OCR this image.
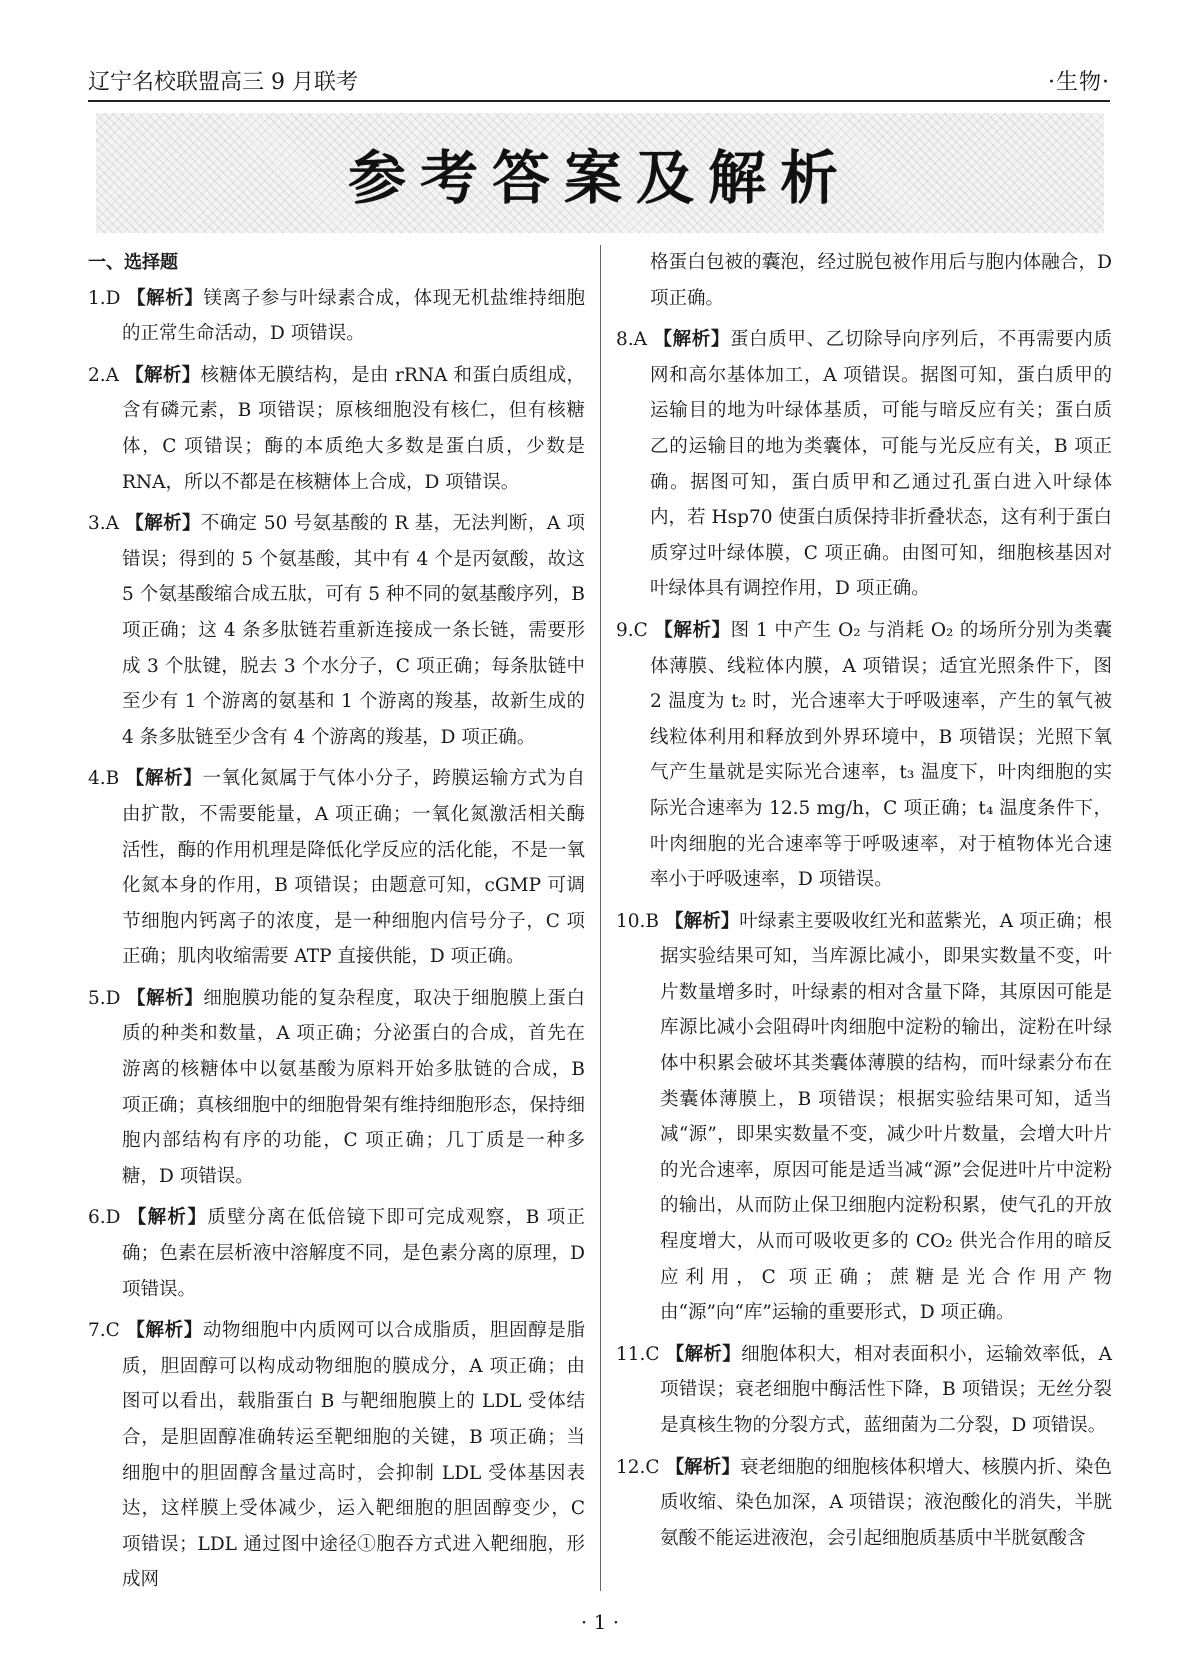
辽宁名校联盟高三 9 月联考	·生物·
参考答案及解析

一、选择题

1.D 【解析】镁离子参与叶绿素合成，体现无机盐维持细胞的正常生命活动，D 项错误。

2.A 【解析】核糖体无膜结构，是由 rRNA 和蛋白质组成，含有磷元素，B 项错误；原核细胞没有核仁，但有核糖体，C 项错误；酶的本质绝大多数是蛋白质，少数是 RNA，所以不都是在核糖体上合成，D 项错误。

3.A 【解析】不确定 50 号氨基酸的 R 基，无法判断，A 项错误；得到的 5 个氨基酸，其中有 4 个是丙氨酸，故这 5 个氨基酸缩合成五肽，可有 5 种不同的氨基酸序列，B 项正确；这 4 条多肽链若重新连接成一条长链，需要形成 3 个肽键，脱去 3 个水分子，C 项正确；每条肽链中至少有 1 个游离的氨基和 1 个游离的羧基，故新生成的 4 条多肽链至少含有 4 个游离的羧基，D 项正确。

4.B 【解析】一氧化氮属于气体小分子，跨膜运输方式为自由扩散，不需要能量，A 项正确；一氧化氮激活相关酶活性，酶的作用机理是降低化学反应的活化能，不是一氧化氮本身的作用，B 项错误；由题意可知，cGMP 可调节细胞内钙离子的浓度，是一种细胞内信号分子，C 项正确；肌肉收缩需要 ATP 直接供能，D 项正确。

5.D 【解析】细胞膜功能的复杂程度，取决于细胞膜上蛋白质的种类和数量，A 项正确；分泌蛋白的合成，首先在游离的核糖体中以氨基酸为原料开始多肽链的合成，B 项正确；真核细胞中的细胞骨架有维持细胞形态，保持细胞内部结构有序的功能，C 项正确；几丁质是一种多糖，D 项错误。

6.D 【解析】质壁分离在低倍镜下即可完成观察，B 项正确；色素在层析液中溶解度不同，是色素分离的原理，D 项错误。

7.C 【解析】动物细胞中内质网可以合成脂质，胆固醇是脂质，胆固醇可以构成动物细胞的膜成分，A 项正确；由图可以看出，载脂蛋白 B 与靶细胞膜上的 LDL 受体结合，是胆固醇准确转运至靶细胞的关键，B 项正确；当细胞中的胆固醇含量过高时，会抑制 LDL 受体基因表达，这样膜上受体减少，运入靶细胞的胆固醇变少，C 项错误；LDL 通过图中途径①胞吞方式进入靶细胞，形成网

格蛋白包被的囊泡，经过脱包被作用后与胞内体融合，D 项正确。

8.A 【解析】蛋白质甲、乙切除导向序列后，不再需要内质网和高尔基体加工，A 项错误。据图可知，蛋白质甲的运输目的地为叶绿体基质，可能与暗反应有关；蛋白质乙的运输目的地为类囊体，可能与光反应有关，B 项正确。据图可知，蛋白质甲和乙通过孔蛋白进入叶绿体内，若 Hsp70 使蛋白质保持非折叠状态，这有利于蛋白质穿过叶绿体膜，C 项正确。由图可知，细胞核基因对叶绿体具有调控作用，D 项正确。

9.C 【解析】图 1 中产生 O₂ 与消耗 O₂ 的场所分别为类囊体薄膜、线粒体内膜，A 项错误；适宜光照条件下，图 2 温度为 t₂ 时，光合速率大于呼吸速率，产生的氧气被线粒体利用和释放到外界环境中，B 项错误；光照下氧气产生量就是实际光合速率，t₃ 温度下，叶肉细胞的实际光合速率为 12.5 mg/h，C 项正确；t₄ 温度条件下，叶肉细胞的光合速率等于呼吸速率，对于植物体光合速率小于呼吸速率，D 项错误。

10.B 【解析】叶绿素主要吸收红光和蓝紫光，A 项正确；根据实验结果可知，当库源比减小，即果实数量不变，叶片数量增多时，叶绿素的相对含量下降，其原因可能是库源比减小会阻碍叶肉细胞中淀粉的输出，淀粉在叶绿体中积累会破坏其类囊体薄膜的结构，而叶绿素分布在类囊体薄膜上，B 项错误；根据实验结果可知，适当减“源”，即果实数量不变，减少叶片数量，会增大叶片的光合速率，原因可能是适当减“源”会促进叶片中淀粉的输出，从而防止保卫细胞内淀粉积累，使气孔的开放程度增大，从而可吸收更多的 CO₂ 供光合作用的暗反应利用，C 项正确；蔗糖是光合作用产物由“源”向“库”运输的重要形式，D 项正确。

11.C 【解析】细胞体积大，相对表面积小，运输效率低，A 项错误；衰老细胞中酶活性下降，B 项错误；无丝分裂是真核生物的分裂方式，蓝细菌为二分裂，D 项错误。

12.C 【解析】衰老细胞的细胞核体积增大、核膜内折、染色质收缩、染色加深，A 项错误；液泡酸化的消失，半胱氨酸不能运进液泡，会引起细胞质基质中半胱氨酸含

· 1 ·
